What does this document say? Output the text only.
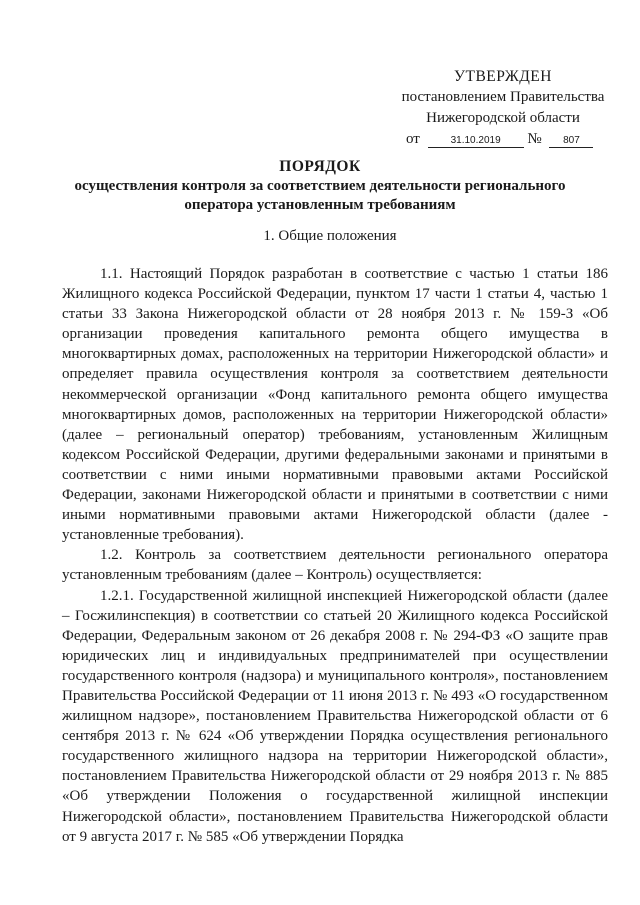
УТВЕРЖДЕН
постановлением Правительства
Нижегородской области
от	31.10.2019 № 807
ПОРЯДОК
осуществления контроля за соответствием деятельности регионального
оператора установленным требованиям
1. Общие положения

1.1. Настоящий Порядок разработан в соответствие с частью 1 статьи 186 Жилищного кодекса Российской Федерации, пунктом 17 части 1 статьи 4, частью 1 статьи 33 Закона Нижегородской области от 28 ноября 2013 г. № 159-З «Об организации проведения капитального ремонта общего имущества в многоквартирных домах, расположенных на территории Нижегородской области» и определяет правила осуществления контроля за соответствием деятельности некоммерческой организации «Фонд капитального ремонта общего имущества многоквартирных домов, расположенных на территории Нижегородской области» (далее – региональный оператор) требованиям, установленным Жилищным кодексом Российской Федерации, другими федеральными законами и принятыми в соответствии с ними иными нормативными правовыми актами Российской Федерации, законами Нижегородской области и принятыми в соответствии с ними иными нормативными правовыми актами Нижегородской области (далее - установленные требования).

1.2. Контроль за соответствием деятельности регионального оператора установленным требованиям (далее – Контроль) осуществляется:

1.2.1. Государственной жилищной инспекцией Нижегородской области (далее – Госжилинспекция) в соответствии со статьей 20 Жилищного кодекса Российской Федерации, Федеральным законом от 26 декабря 2008 г. № 294-ФЗ «О защите прав юридических лиц и индивидуальных предпринимателей при осуществлении государственного контроля (надзора) и муниципального контроля», постановлением Правительства Российской Федерации от 11 июня 2013 г. № 493 «О государственном жилищном надзоре», постановлением Правительства Нижегородской области от 6 сентября 2013 г. № 624 «Об утверждении Порядка осуществления регионального государственного жилищного надзора на территории Нижегородской области», постановлением Правительства Нижегородской области от 29 ноября 2013 г. № 885 «Об утверждении Положения о государственной жилищной инспекции Нижегородской области», постановлением Правительства Нижегородской области от 9 августа 2017 г. № 585 «Об утверждении Порядка
